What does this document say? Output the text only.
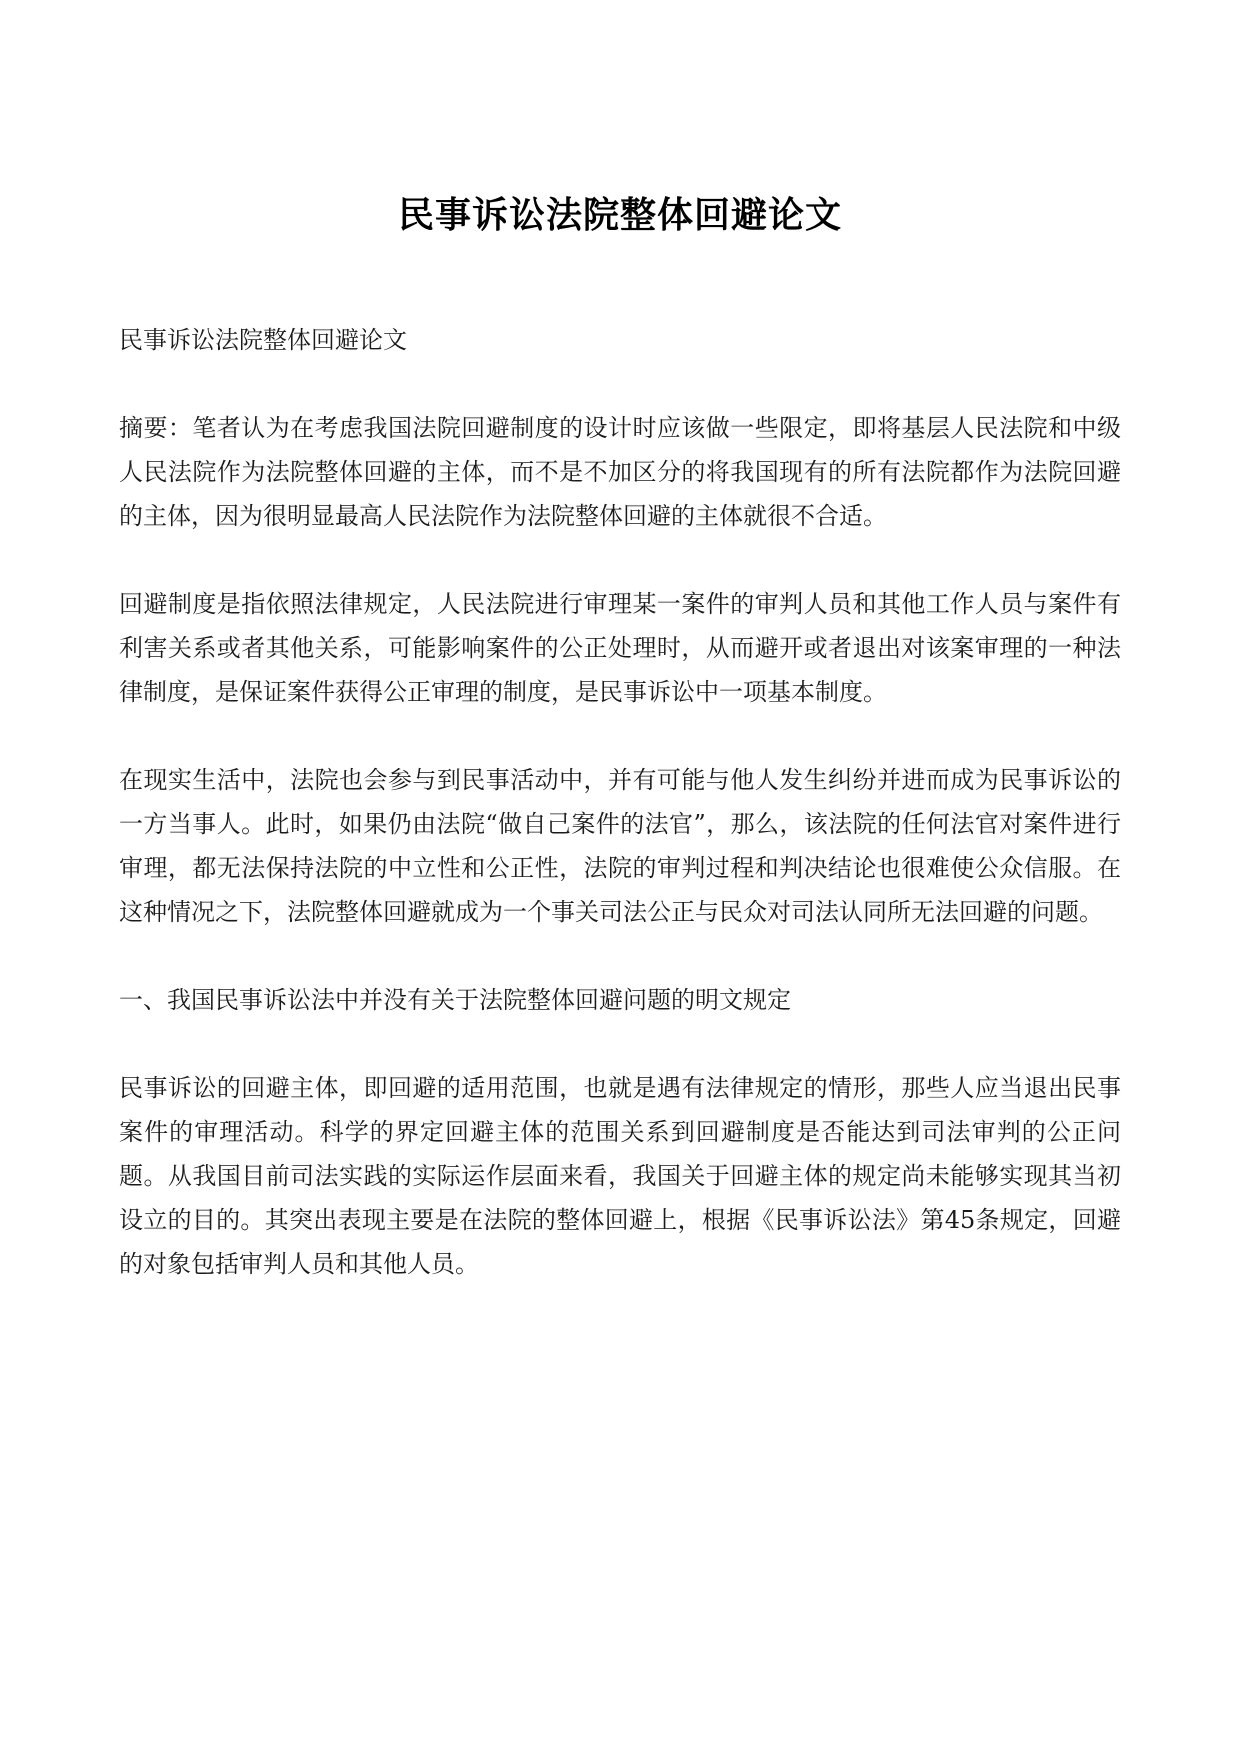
民事诉讼法院整体回避论文

民事诉讼法院整体回避论文

摘要：笔者认为在考虑我国法院回避制度的设计时应该做一些限定，即将基层人民法院和中级人民法院作为法院整体回避的主体，而不是不加区分的将我国现有的所有法院都作为法院回避的主体，因为很明显最高人民法院作为法院整体回避的主体就很不合适。

回避制度是指依照法律规定，人民法院进行审理某一案件的审判人员和其他工作人员与案件有利害关系或者其他关系，可能影响案件的公正处理时，从而避开或者退出对该案审理的一种法律制度，是保证案件获得公正审理的制度，是民事诉讼中一项基本制度。

在现实生活中，法院也会参与到民事活动中，并有可能与他人发生纠纷并进而成为民事诉讼的一方当事人。此时，如果仍由法院“做自己案件的法官”，那么，该法院的任何法官对案件进行审理，都无法保持法院的中立性和公正性，法院的审判过程和判决结论也很难使公众信服。在这种情况之下，法院整体回避就成为一个事关司法公正与民众对司法认同所无法回避的问题。

一、我国民事诉讼法中并没有关于法院整体回避问题的明文规定

民事诉讼的回避主体，即回避的适用范围，也就是遇有法律规定的情形，那些人应当退出民事案件的审理活动。科学的界定回避主体的范围关系到回避制度是否能达到司法审判的公正问题。从我国目前司法实践的实际运作层面来看，我国关于回避主体的规定尚未能够实现其当初设立的目的。其突出表现主要是在法院的整体回避上，根据《民事诉讼法》第45条规定，回避的对象包括审判人员和其他人员。
